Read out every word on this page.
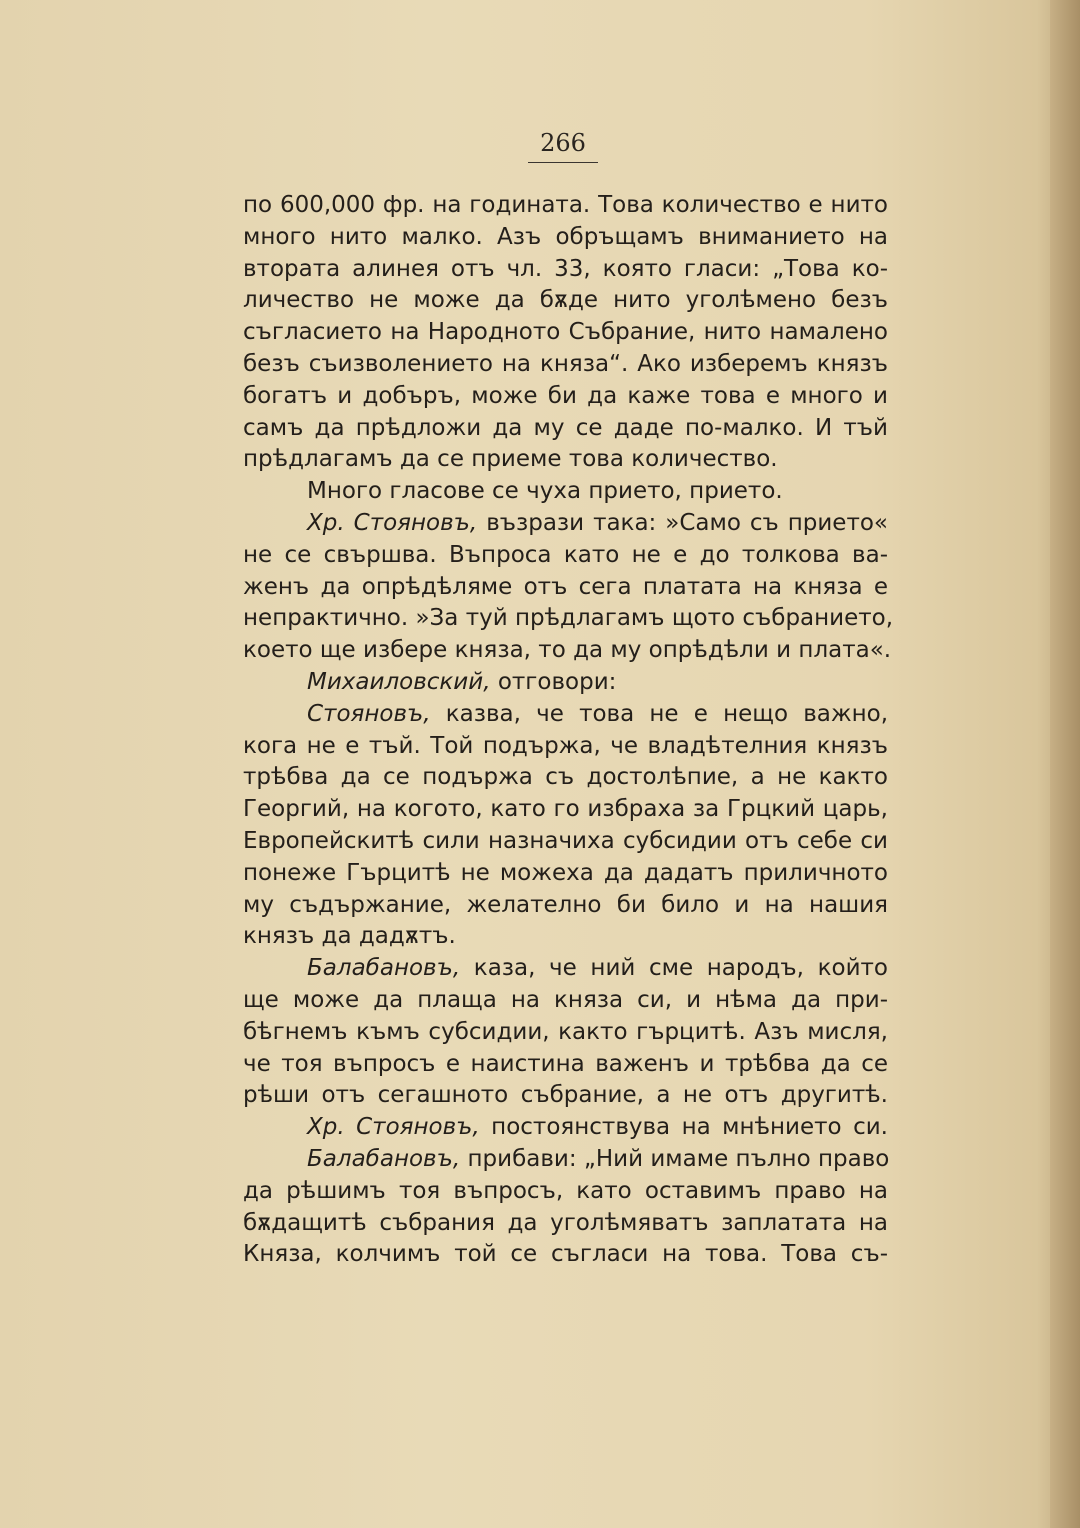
266
по 600,000 фр. на годината. Това количество е нито
много нито малко. Азъ обръщамъ вниманието на
втората алинея отъ чл. 33, която гласи: „Това ко-
личество не може да бѫде нито уголѣмено безъ
съгласието на Народното Събрание, нито намалено
безъ съизволението на князa“. Ако изберемъ князъ
богатъ и добъръ, може би да каже това е много и
самъ да прѣдложи да му се даде по-малко. И тъй
прѣдлагамъ да се приеме това количество.
Много гласове се чуха прието, прието.
Хр. Стояновъ, възрази така: »Само съ прието«
не се свършва. Въпроса като не е до толкова ва-
женъ да опрѣдѣляме отъ сега платата на князa е
непрактично. »За туй прѣдлагамъ щото събранието,
което ще избере князa, то да му опрѣдѣли и платa«.
Михаиловский, отговори:
Стояновъ, казва, че това не е нещо важно,
кога не е тъй. Той подържа, че владѣтелния князъ
трѣбва да се подържа съ достолѣпие, а не както
Георгий, на когото, като го избраха за Грцкий царь,
Европейскитѣ сили назначиха субсидии отъ себе си
понеже Гърцитѣ не можеха да дадатъ приличното
му съдържание, желателно би било и на нашия
князъ да дадѫтъ.
Балабановъ, каза, че ний сме народъ, който
ще може да плаща на князa си, и нѣма да при-
бѣгнемъ къмъ субсидии, както гърцитѣ. Азъ мисля,
че тоя въпросъ е наистина важенъ и трѣбва да се
рѣши отъ сегашното събрание, а не отъ другитѣ.
Хр. Стояновъ, постоянствува на мнѣнието си.
Балабановъ, прибави: „Ний имаме пълно право
да рѣшимъ тоя въпросъ, като оставимъ право на
бѫдащитѣ събрания да уголѣмяватъ заплатата на
Князa, колчимъ той се съгласи на това. Това съ-
